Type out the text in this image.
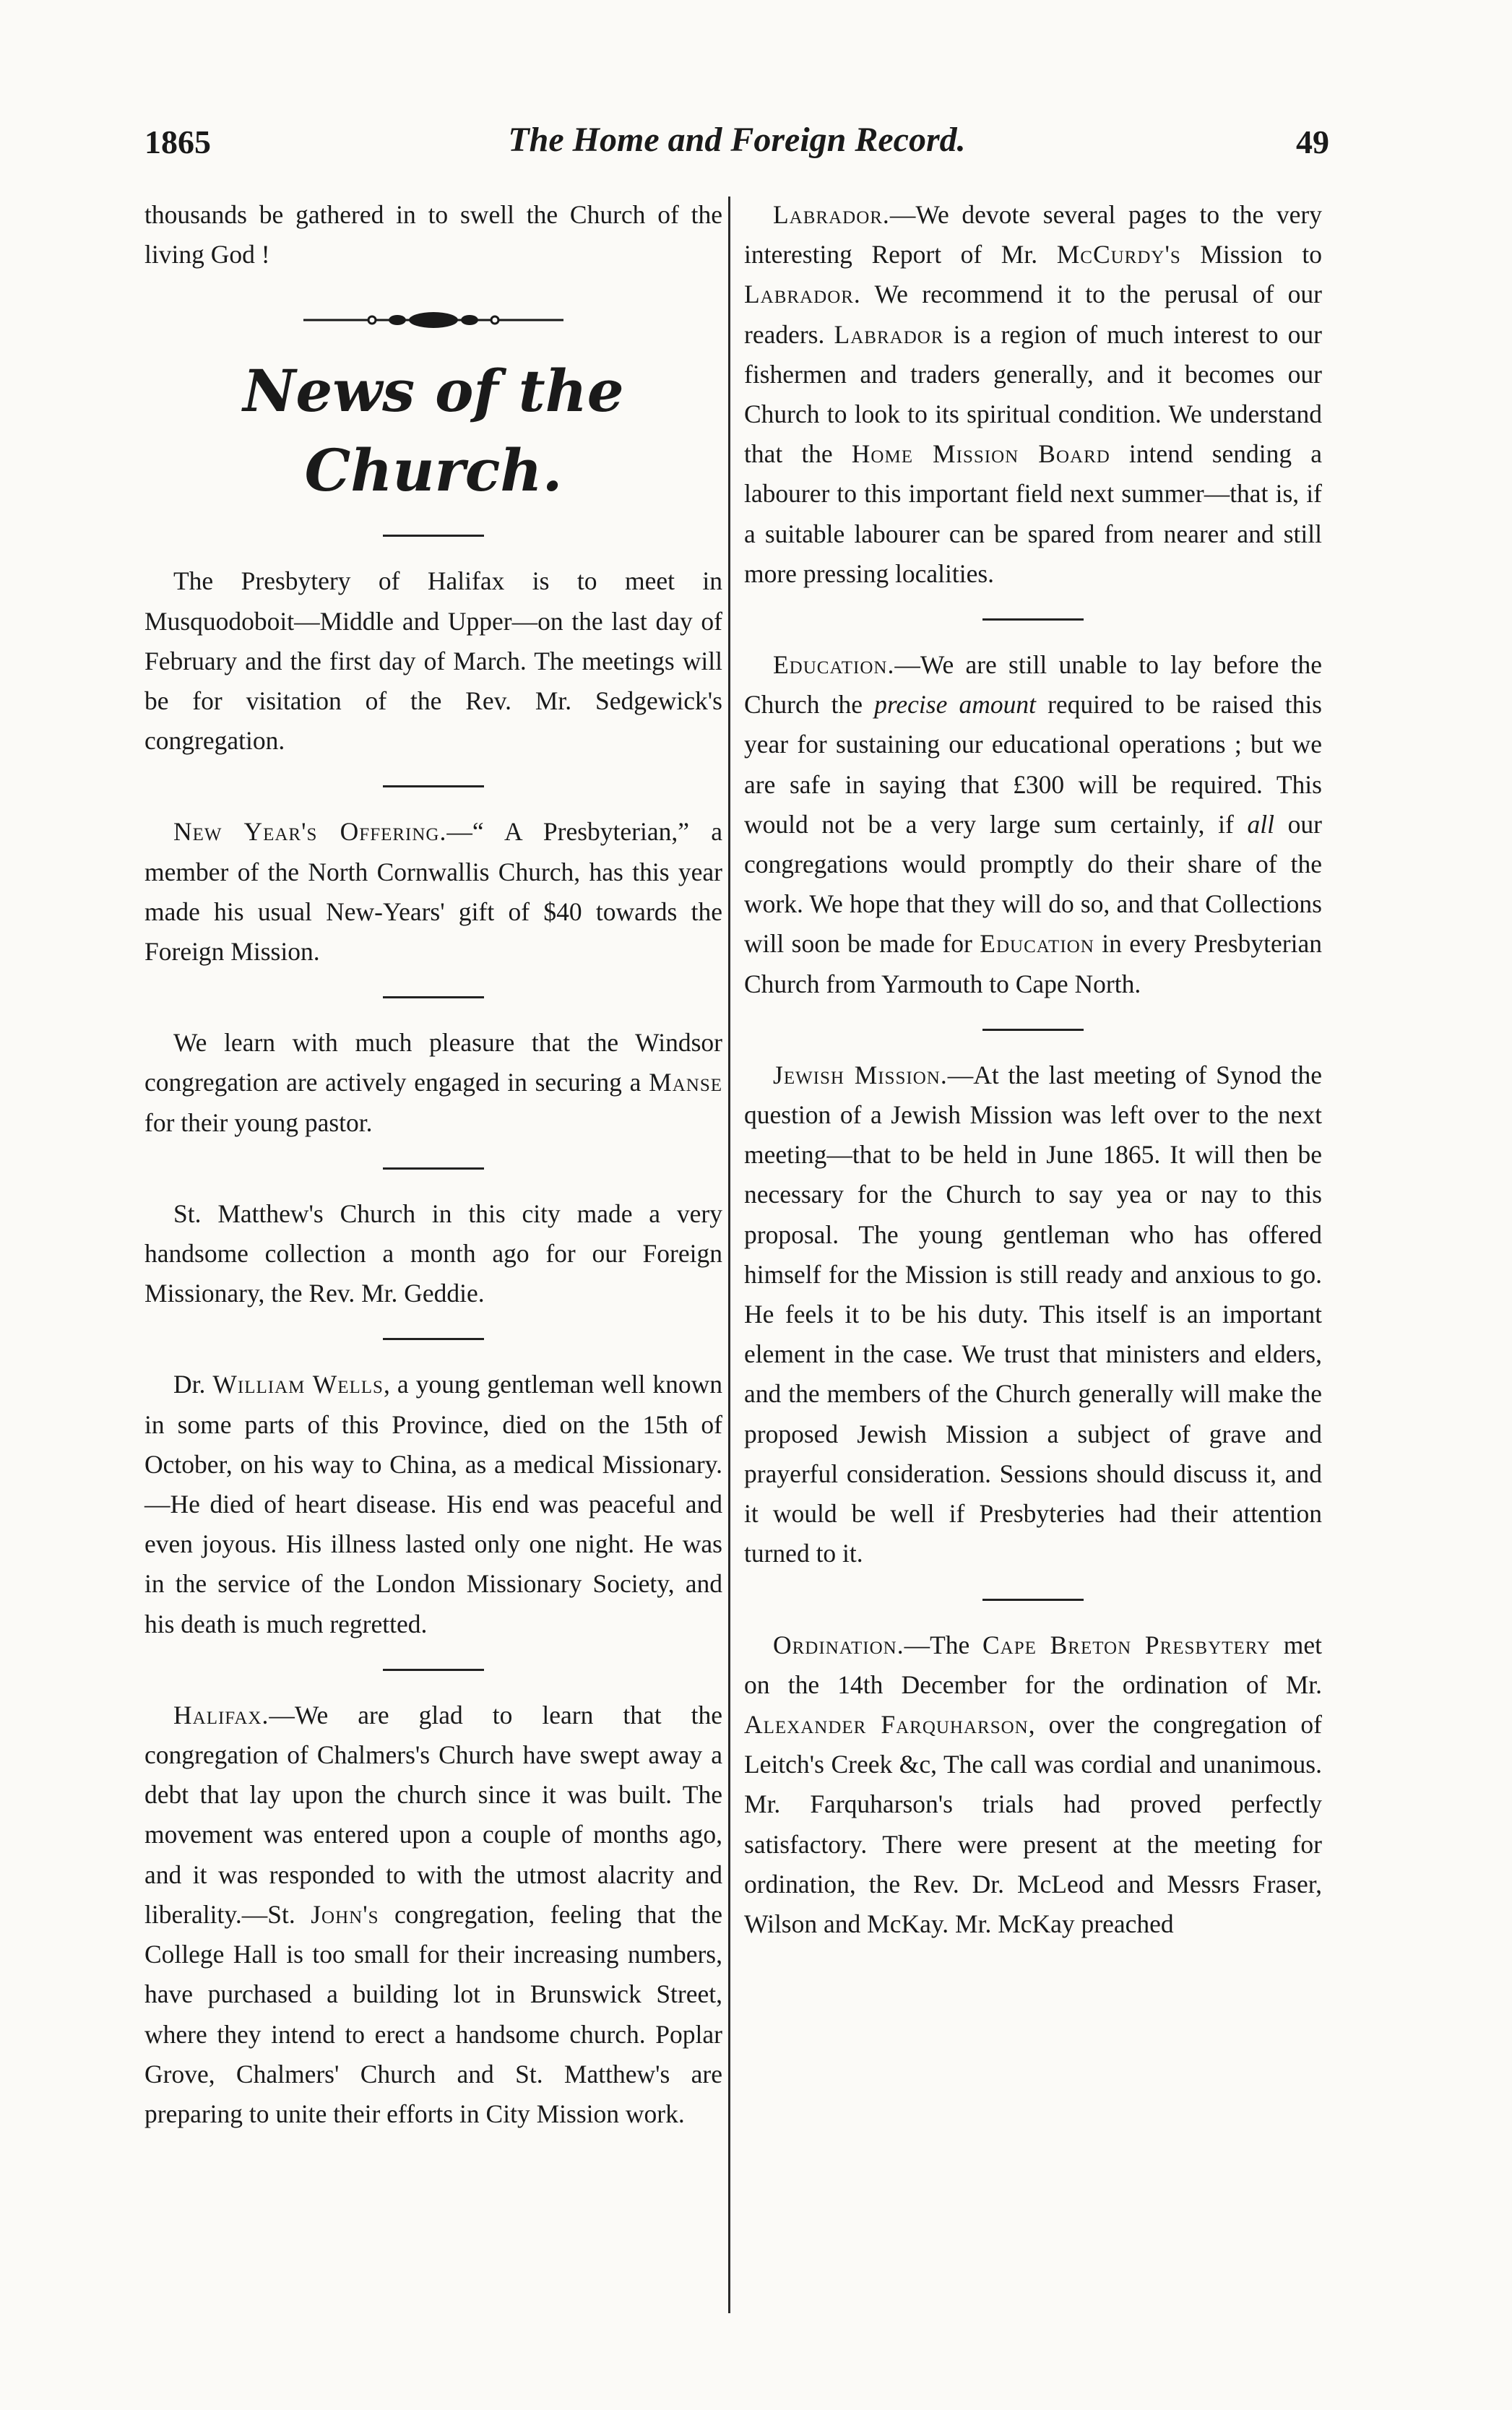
1865	The Home and Foreign Record.	49

thousands be gathered in to swell the Church of the living God !

News of the Church.

The Presbytery of Halifax is to meet in Musquodoboit—Middle and Upper—on the last day of February and the first day of March. The meetings will be for visitation of the Rev. Mr. Sedgewick's congregation.

New Year's Offering.—“ A Presbyterian,” a member of the North Cornwallis Church, has this year made his usual New-Years' gift of $40 towards the Foreign Mission.

We learn with much pleasure that the Windsor congregation are actively engaged in securing a Manse for their young pastor.

St. Matthew's Church in this city made a very handsome collection a month ago for our Foreign Missionary, the Rev. Mr. Geddie.

Dr. William Wells, a young gentleman well known in some parts of this Province, died on the 15th of October, on his way to China, as a medical Missionary.—He died of heart disease. His end was peaceful and even joyous. His illness lasted only one night. He was in the service of the London Missionary Society, and his death is much regretted.

Halifax.—We are glad to learn that the congregation of Chalmers's Church have swept away a debt that lay upon the church since it was built. The movement was entered upon a couple of months ago, and it was responded to with the utmost alacrity and liberality.—St. John's congregation, feeling that the College Hall is too small for their increasing numbers, have purchased a building lot in Brunswick Street, where they intend to erect a handsome church. Poplar Grove, Chalmers' Church and St. Matthew's are preparing to unite their efforts in City Mission work.

Labrador.—We devote several pages to the very interesting Report of Mr. McCurdy's Mission to Labrador. We recommend it to the perusal of our readers. Labrador is a region of much interest to our fishermen and traders generally, and it becomes our Church to look to its spiritual condition. We understand that the Home Mission Board intend sending a labourer to this important field next summer—that is, if a suitable labourer can be spared from nearer and still more pressing localities.

Education.—We are still unable to lay before the Church the precise amount required to be raised this year for sustaining our educational operations ; but we are safe in saying that £300 will be required. This would not be a very large sum certainly, if all our congregations would promptly do their share of the work. We hope that they will do so, and that Collections will soon be made for Education in every Presbyterian Church from Yarmouth to Cape North.

Jewish Mission.—At the last meeting of Synod the question of a Jewish Mission was left over to the next meeting—that to be held in June 1865. It will then be necessary for the Church to say yea or nay to this proposal. The young gentleman who has offered himself for the Mission is still ready and anxious to go. He feels it to be his duty. This itself is an important element in the case. We trust that ministers and elders, and the members of the Church generally will make the proposed Jewish Mission a subject of grave and prayerful consideration. Sessions should discuss it, and it would be well if Presbyteries had their attention turned to it.

Ordination.—The Cape Breton Presbytery met on the 14th December for the ordination of Mr. Alexander Farquharson, over the congregation of Leitch's Creek &c, The call was cordial and unanimous. Mr. Farquharson's trials had proved perfectly satisfactory. There were present at the meeting for ordination, the Rev. Dr. McLeod and Messrs Fraser, Wilson and McKay. Mr. McKay preached
